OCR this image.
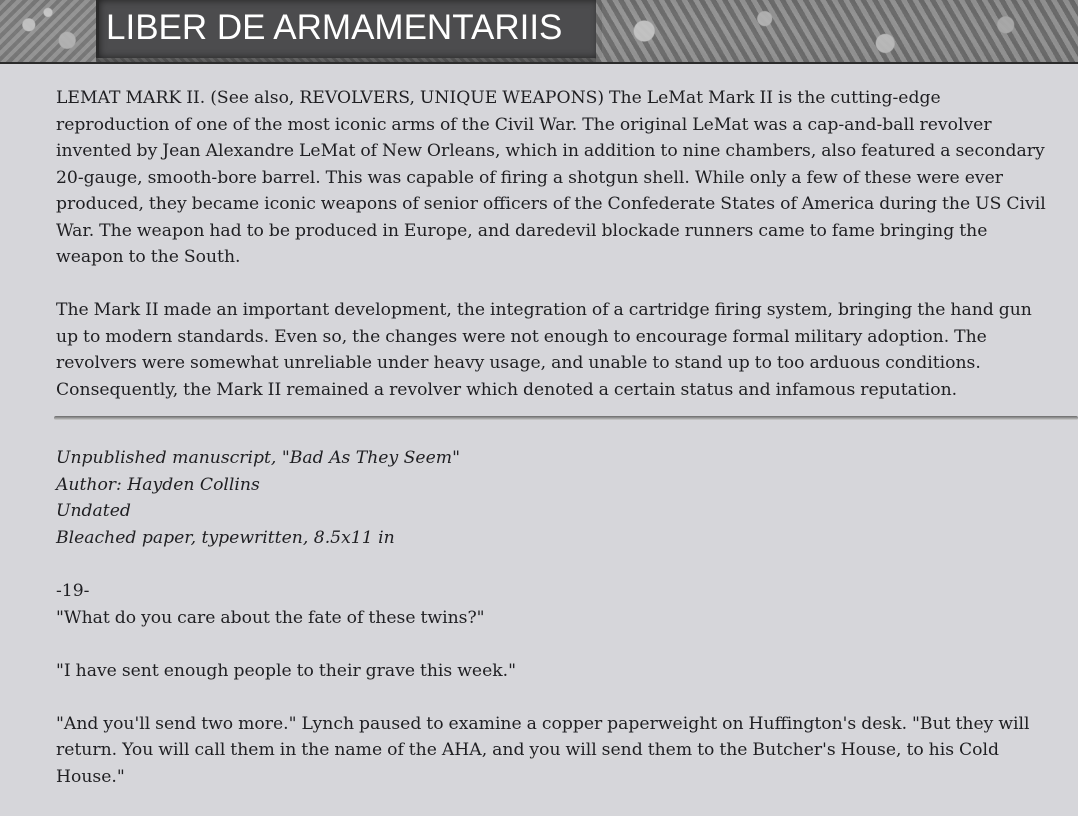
LIBER DE ARMAMENTARIIS

LEMAT MARK II. (See also, REVOLVERS, UNIQUE WEAPONS) The LeMat Mark II is the cutting-edge reproduction of one of the most iconic arms of the Civil War. The original LeMat was a cap-and-ball revolver invented by Jean Alexandre LeMat of New Orleans, which in addition to nine chambers, also featured a secondary 20-gauge, smooth-bore barrel. This was capable of firing a shotgun shell. While only a few of these were ever produced, they became iconic weapons of senior officers of the Confederate States of America during the US Civil War. The weapon had to be produced in Europe, and daredevil blockade runners came to fame bringing the weapon to the South.

The Mark II made an important development, the integration of a cartridge firing system, bringing the hand gun up to modern standards. Even so, the changes were not enough to encourage formal military adoption. The revolvers were somewhat unreliable under heavy usage, and unable to stand up to too arduous conditions. Consequently, the Mark II remained a revolver which denoted a certain status and infamous reputation.

Unpublished manuscript, "Bad As They Seem"

Author: Hayden Collins

Undated

Bleached paper, typewritten, 8.5x11 in

-19-

"What do you care about the fate of these twins?"

"I have sent enough people to their grave this week."

"And you'll send two more." Lynch paused to examine a copper paperweight on Huffington's desk. "But they will return. You will call them in the name of the AHA, and you will send them to the Butcher's House, to his Cold House."
